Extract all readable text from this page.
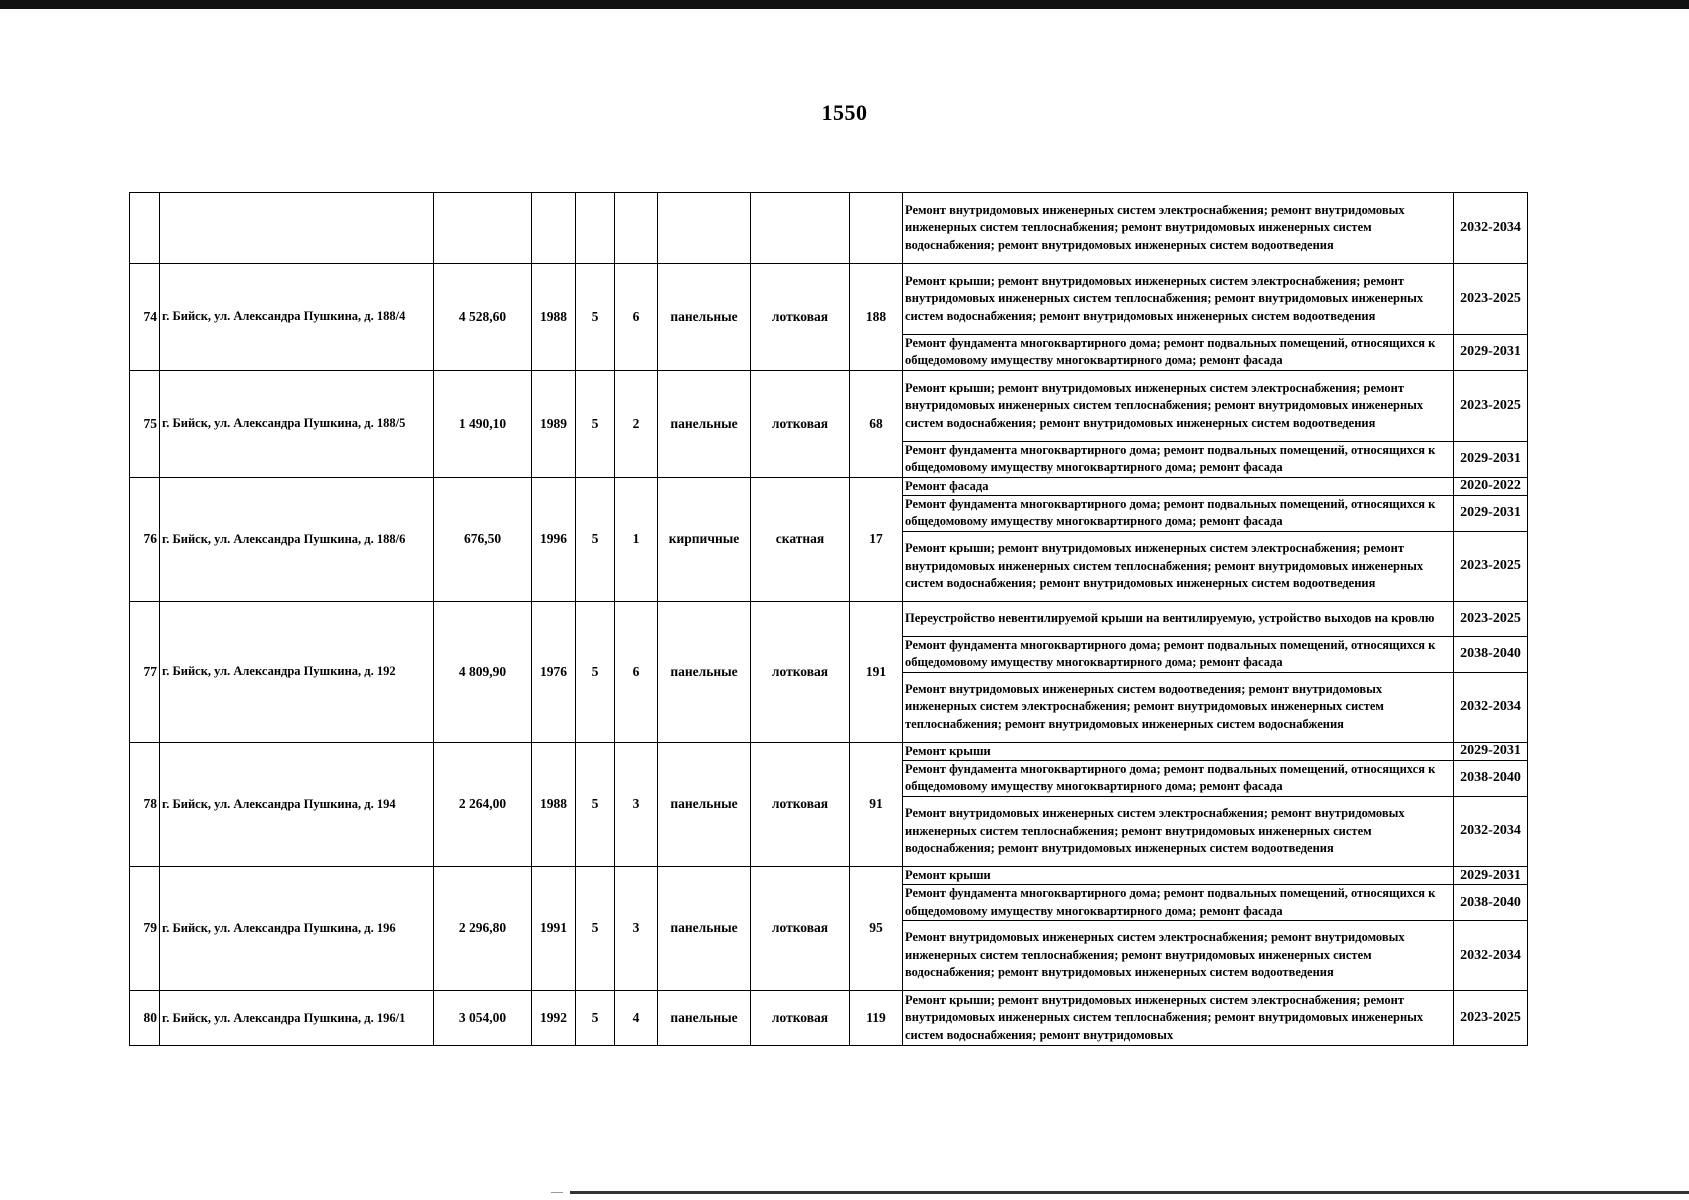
1550
									Ремонт внутридомовых инженерных систем электроснабжения; ремонт внутридомовых инженерных систем теплоснабжения; ремонт внутридомовых инженерных систем водоснабжения; ремонт внутридомовых инженерных систем водоотведения	2032-2034
74	г. Бийск, ул. Александра Пушкина, д. 188/4	4 528,60	1988	5	6	панельные	лотковая	188	Ремонт крыши; ремонт внутридомовых инженерных систем электроснабжения; ремонт внутридомовых инженерных систем теплоснабжения; ремонт внутридомовых инженерных систем водоснабжения; ремонт внутридомовых инженерных систем водоотведения	2023-2025
									Ремонт фундамента многоквартирного дома; ремонт подвальных помещений, относящихся к общедомовому имуществу многоквартирного дома; ремонт фасада	2029-2031
75	г. Бийск, ул. Александра Пушкина, д. 188/5	1 490,10	1989	5	2	панельные	лотковая	68	Ремонт крыши; ремонт внутридомовых инженерных систем электроснабжения; ремонт внутридомовых инженерных систем теплоснабжения; ремонт внутридомовых инженерных систем водоснабжения; ремонт внутридомовых инженерных систем водоотведения	2023-2025
									Ремонт фундамента многоквартирного дома; ремонт подвальных помещений, относящихся к общедомовому имуществу многоквартирного дома; ремонт фасада	2029-2031
76	г. Бийск, ул. Александра Пушкина, д. 188/6	676,50	1996	5	1	кирпичные	скатная	17	Ремонт фасада	2020-2022
									Ремонт фундамента многоквартирного дома; ремонт подвальных помещений, относящихся к общедомовому имуществу многоквартирного дома; ремонт фасада	2029-2031
									Ремонт крыши; ремонт внутридомовых инженерных систем электроснабжения; ремонт внутридомовых инженерных систем теплоснабжения; ремонт внутридомовых инженерных систем водоснабжения; ремонт внутридомовых инженерных систем водоотведения	2023-2025
77	г. Бийск, ул. Александра Пушкина, д. 192	4 809,90	1976	5	6	панельные	лотковая	191	Переустройство невентилируемой крыши на вентилируемую, устройство выходов на кровлю	2023-2025
									Ремонт фундамента многоквартирного дома; ремонт подвальных помещений, относящихся к общедомовому имуществу многоквартирного дома; ремонт фасада	2038-2040
									Ремонт внутридомовых инженерных систем водоотведения; ремонт внутридомовых инженерных систем электроснабжения; ремонт внутридомовых инженерных систем теплоснабжения; ремонт внутридомовых инженерных систем водоснабжения	2032-2034
78	г. Бийск, ул. Александра Пушкина, д. 194	2 264,00	1988	5	3	панельные	лотковая	91	Ремонт крыши	2029-2031
									Ремонт фундамента многоквартирного дома; ремонт подвальных помещений, относящихся к общедомовому имуществу многоквартирного дома; ремонт фасада	2038-2040
									Ремонт внутридомовых инженерных систем электроснабжения; ремонт внутридомовых инженерных систем теплоснабжения; ремонт внутридомовых инженерных систем водоснабжения; ремонт внутридомовых инженерных систем водоотведения	2032-2034
79	г. Бийск, ул. Александра Пушкина, д. 196	2 296,80	1991	5	3	панельные	лотковая	95	Ремонт крыши	2029-2031
									Ремонт фундамента многоквартирного дома; ремонт подвальных помещений, относящихся к общедомовому имуществу многоквартирного дома; ремонт фасада	2038-2040
									Ремонт внутридомовых инженерных систем электроснабжения; ремонт внутридомовых инженерных систем теплоснабжения; ремонт внутридомовых инженерных систем водоснабжения; ремонт внутридомовых инженерных систем водоотведения	2032-2034
80	г. Бийск, ул. Александра Пушкина, д. 196/1	3 054,00	1992	5	4	панельные	лотковая	119	Ремонт крыши; ремонт внутридомовых инженерных систем электроснабжения; ремонт внутридомовых инженерных систем теплоснабжения; ремонт внутридомовых инженерных систем водоснабжения; ремонт внутридомовых	2023-2025
